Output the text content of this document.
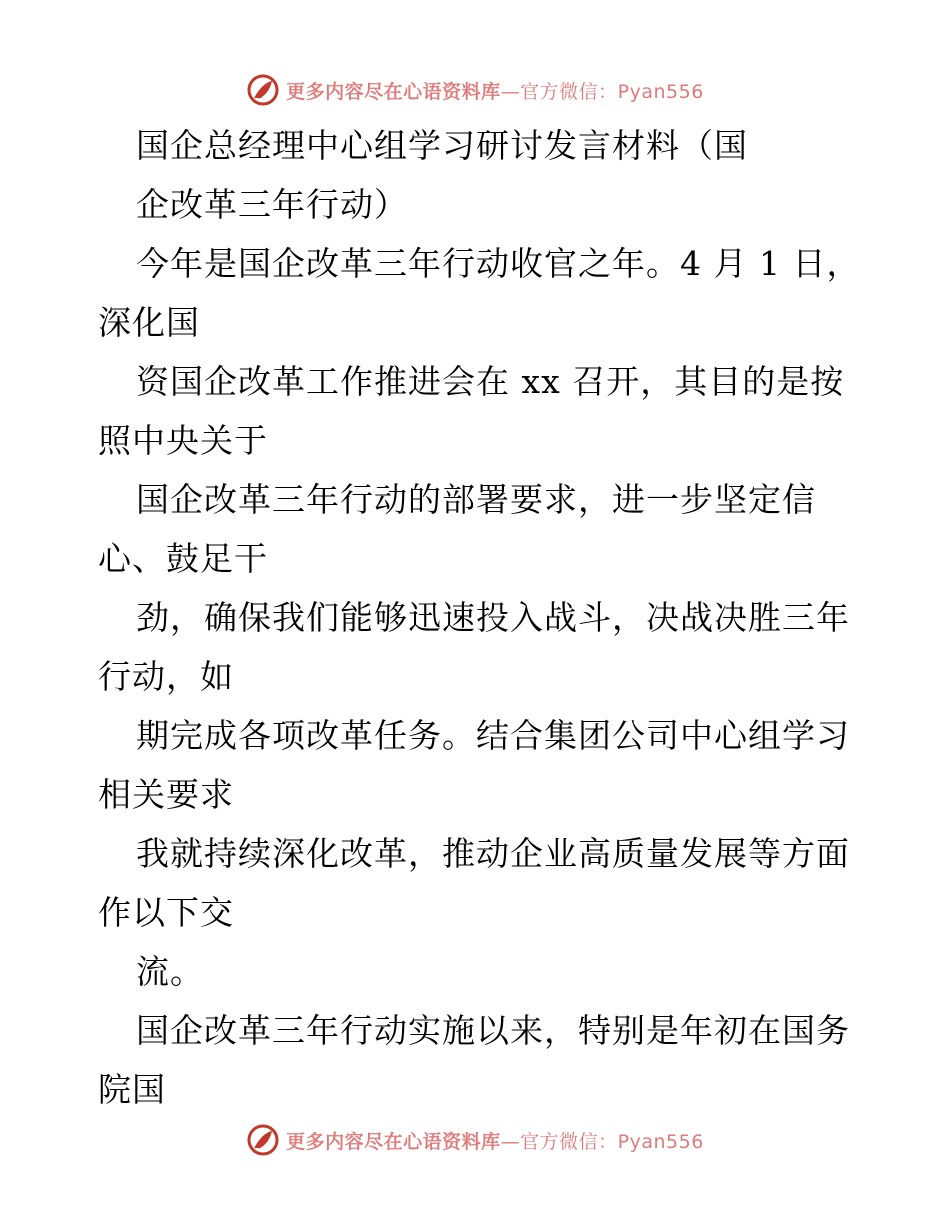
更多内容尽在心语资料库—官方微信：Pyan556
国企总经理中心组学习研讨发言材料（国
企改革三年行动）
今年是国企改革三年行动收官之年。4 月 1 日，
深化国
资国企改革工作推进会在 xx 召开，其目的是按
照中央关于
国企改革三年行动的部署要求，进一步坚定信
心、鼓足干
劲，确保我们能够迅速投入战斗，决战决胜三年
行动，如
期完成各项改革任务。结合集团公司中心组学习
相关要求
我就持续深化改革，推动企业高质量发展等方面
作以下交
流。
国企改革三年行动实施以来，特别是年初在国务
院国
更多内容尽在心语资料库—官方微信：Pyan556
